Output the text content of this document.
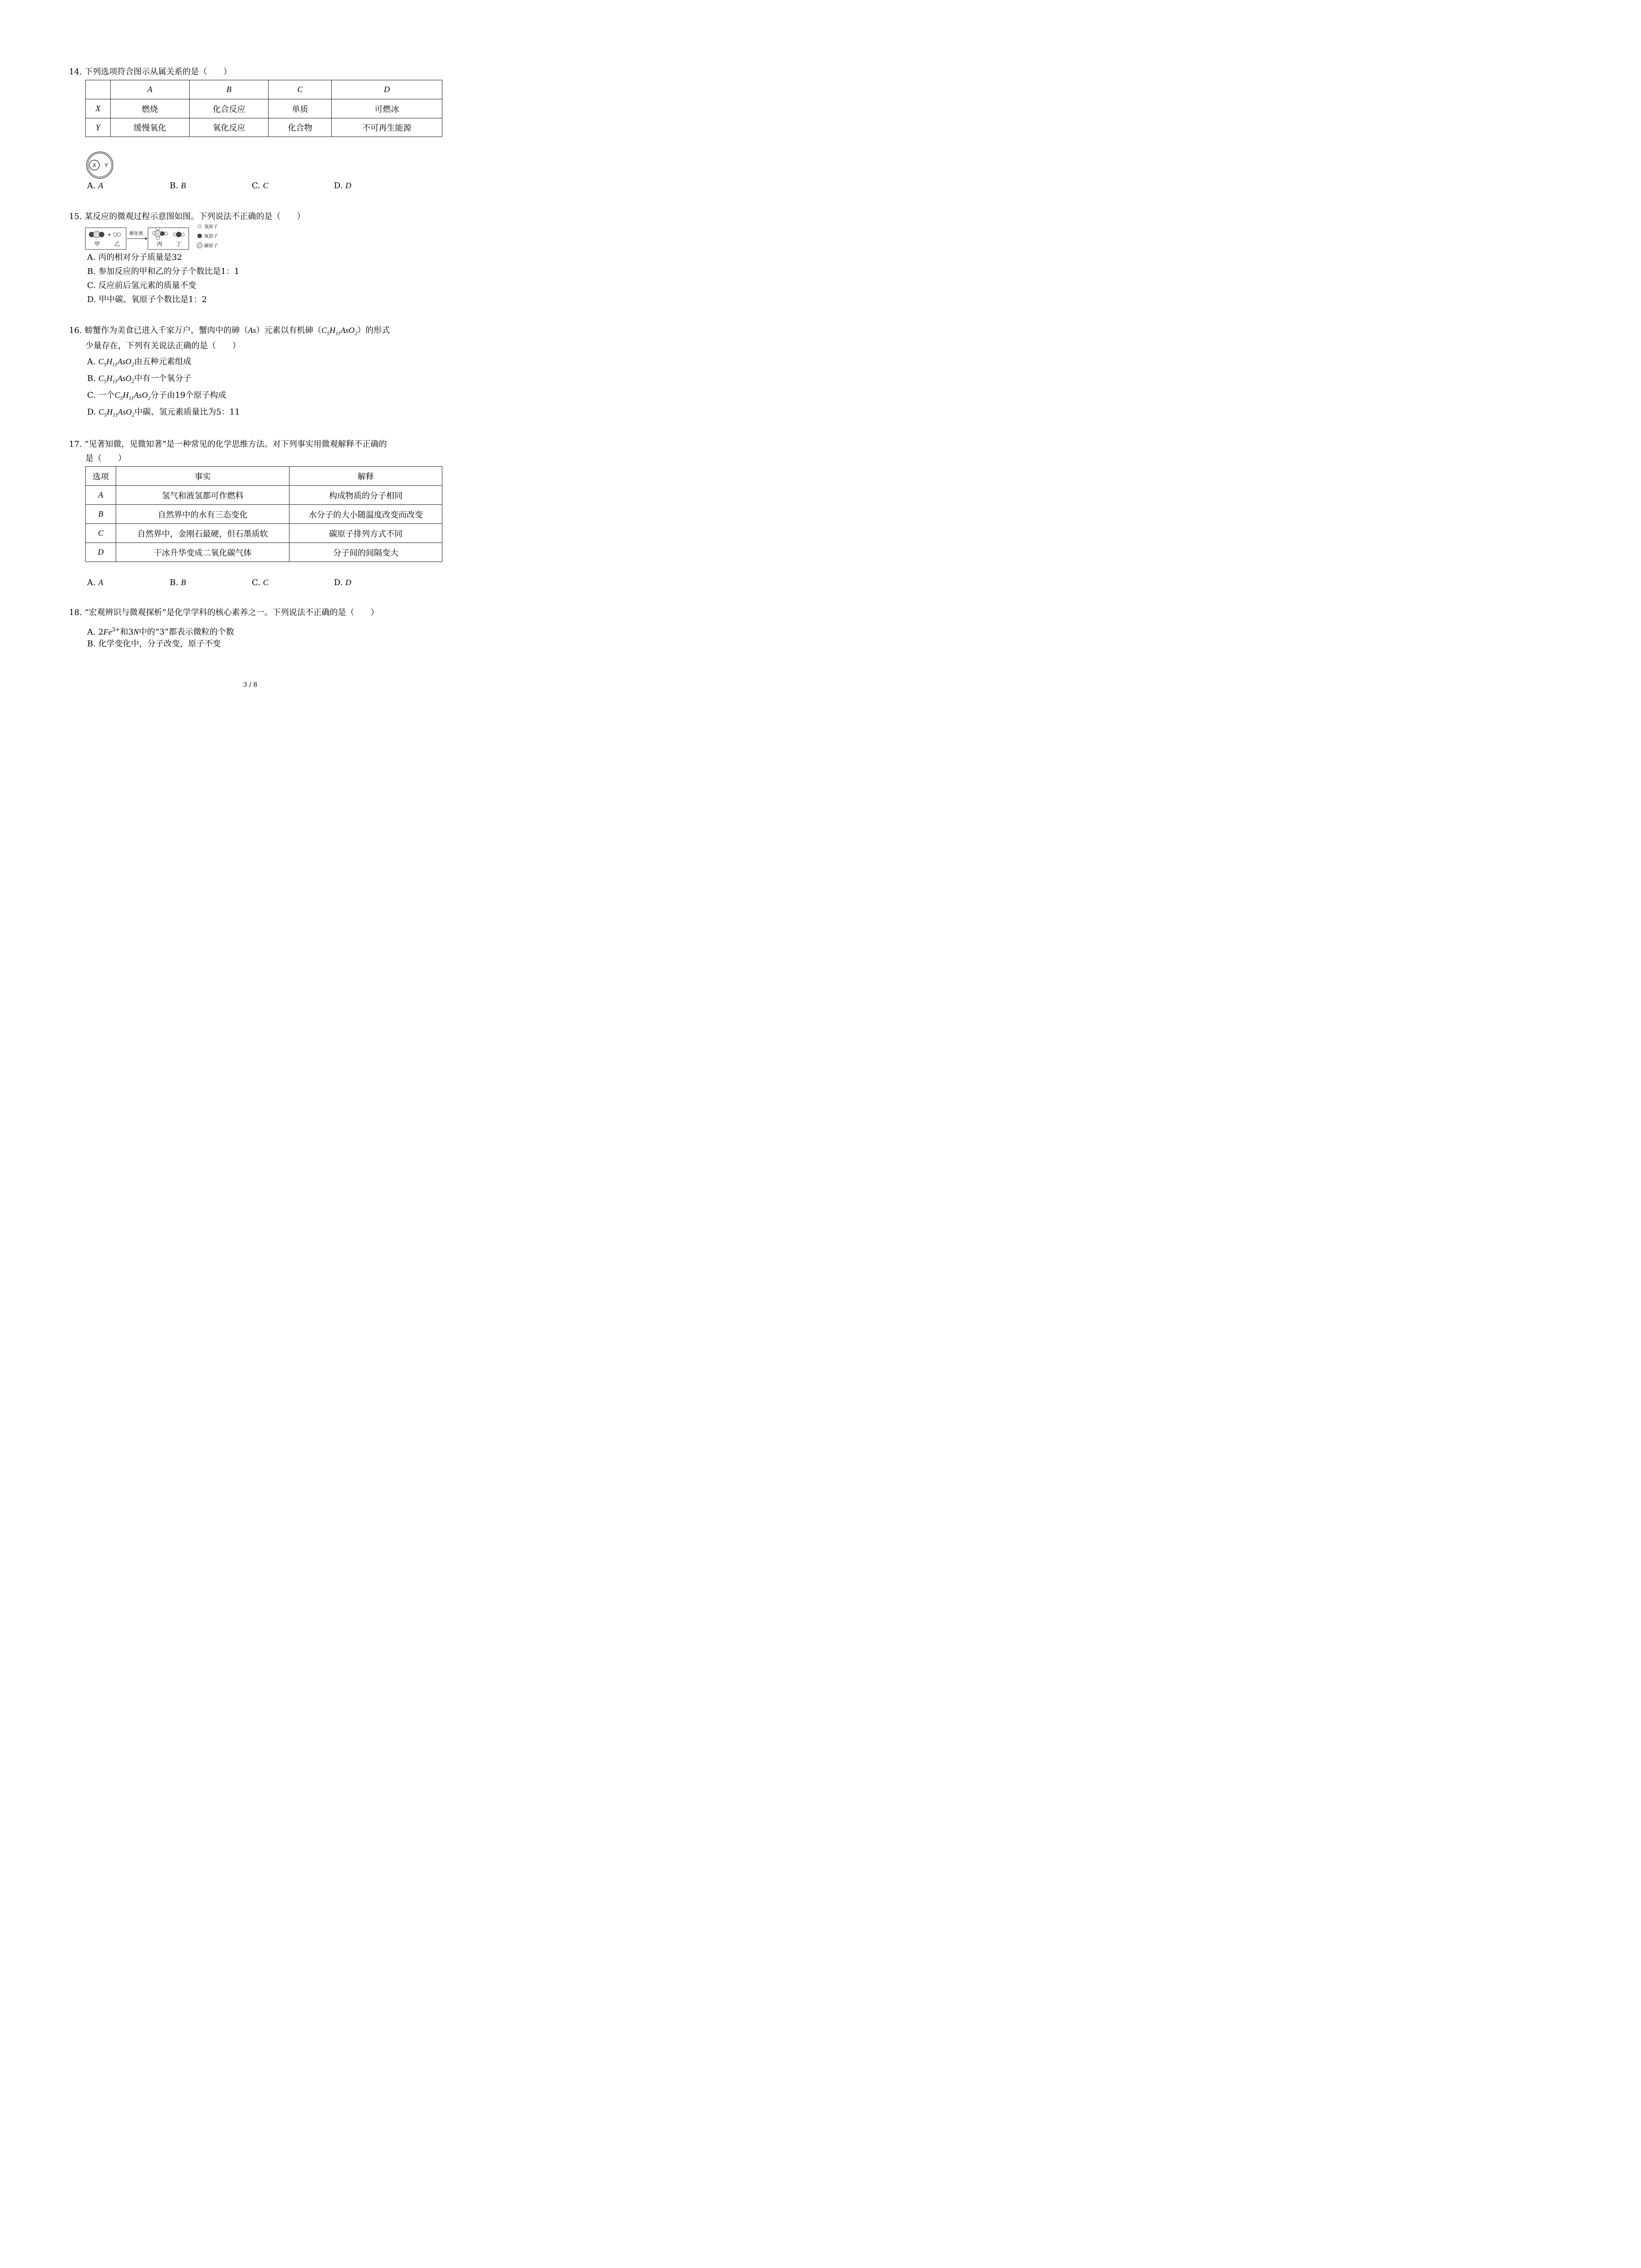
14. 下列选项符合图示从属关系的是（　　）
	A	B	C	D
X	燃烧	化合反应	单质	可燃冰
Y	缓慢氧化	氧化反应	化合物	不可再生能源
X Y
A. A	B. B	C. C	D. D
15. 某反应的微观过程示意图如图。下列说法不正确的是（　　）
+
甲	乙
催化剂
丙 丁
氢原子
氧原子
碳原子
A. 丙的相对分子质量是32
B. 参加反应的甲和乙的分子个数比是1：1
C. 反应前后氢元素的质量不变
D. 甲中碳、氧原子个数比是1：2
16. 螃蟹作为美食已进入千家万户，蟹肉中的砷（As）元素以有机砷$(C_5H_{11}AsO_2)$的形式
少量存在，下列有关说法正确的是（　　）
A. $C_5H_{11}AsO_2$由五种元素组成
B. $C_5H_{11}AsO_2$中有一个氧分子
C. 一个$C_5H_{11}AsO_2$分子由19个原子构成
D. $C_5H_{11}AsO_2$中碳、氢元素质量比为5：11
17. “见著知微，见微知著”是一种常见的化学思维方法。对下列事实用微观解释不正确的
是（　　）
选项	事实	解释
A	氢气和液氢都可作燃料	构成物质的分子相同
B	自然界中的水有三态变化	水分子的大小随温度改变而改变
C	自然界中，金刚石最硬，但石墨质软	碳原子排列方式不同
D	干冰升华变成二氧化碳气体	分子间的间隔变大
A. A	B. B	C. C	D. D
18. “宏观辨识与微观探析”是化学学科的核心素养之一。下列说法不正确的是（　　）
A. $2Fe^{3+}$和3N中的“3”都表示微粒的个数
B. 化学变化中，分子改变，原子不变
3 / 8
